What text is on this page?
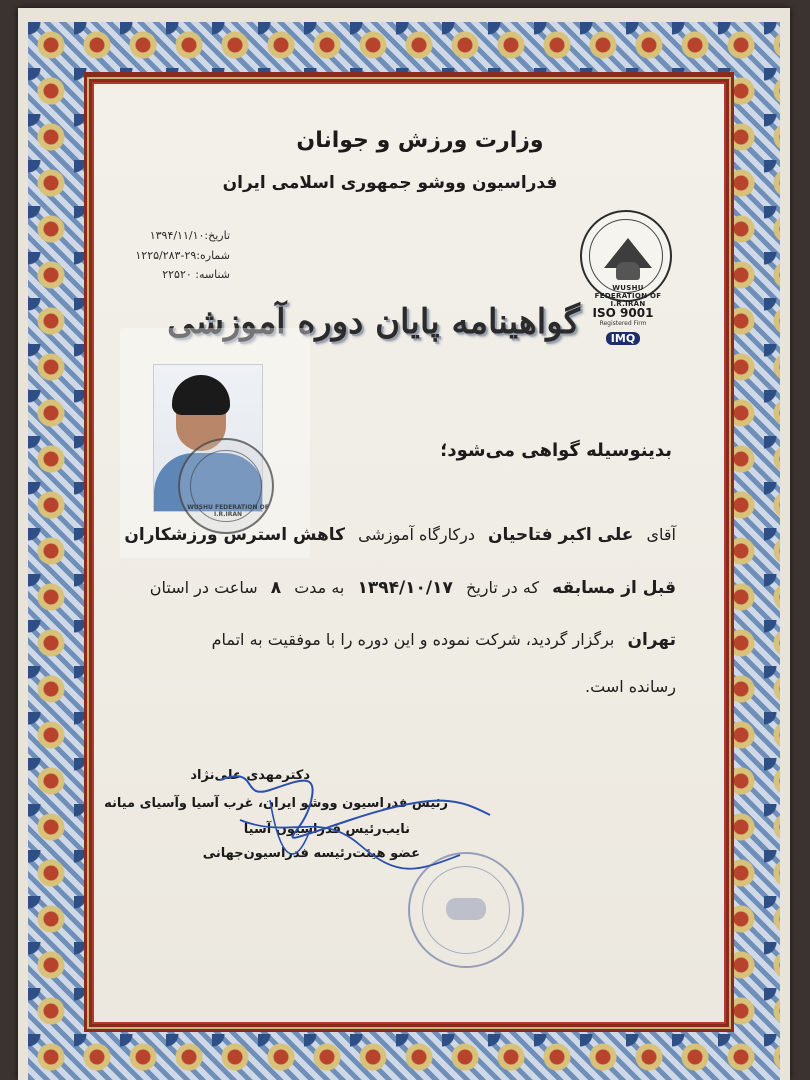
وزارت ورزش و جوانان
فدراسیون ووشو جمهوری اسلامی ایران
تاریخ:۱۳۹۴/۱۱/۱۰
شماره:۲۹-۱۲۲۵/۲۸۳
شناسه: ۲۲۵۲۰
WUSHU FEDERATION OF I.R.IRAN
ISO 9001
Registered Firm
IMQ
گواهینامه پایان دوره آموزشی
WUSHU FEDERATION OF I.R.IRAN
بدینوسیله گواهی می‌شود؛
آقای علی اکبر فتاحیان درکارگاه آموزشی کاهش استرس ورزشکاران
قبل از مسابقه که در تاریخ ۱۳۹۴/۱۰/۱۷ به مدت ۸ ساعت در استان
تهران برگزار گردید، شرکت نموده و این دوره را با موفقیت به اتمام
رسانده است.
دکترمهدی علی‌نژاد
رئیس فدراسیون ووشو ایران، غرب آسیا وآسیای میانه
نایب‌رئیس فدراسیون آسیا
عضو هیئت‌رئیسه فدراسیون‌جهانی
